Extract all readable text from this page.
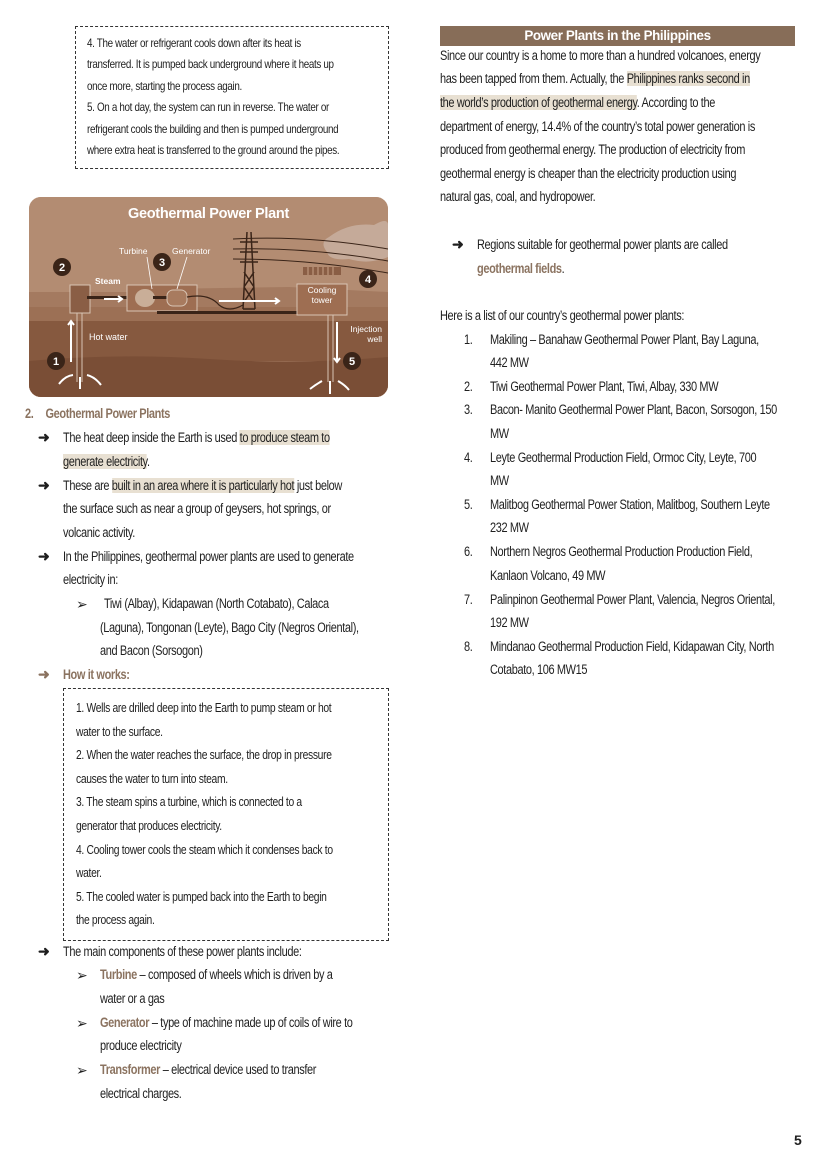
4. The water or refrigerant cools down after its heat is

transferred. It is pumped back underground where it heats up

once more, starting the process again.

5. On a hot day, the system can run in reverse. The water or

refrigerant cools the building and then is pumped underground

where extra heat is transferred to the ground around the pipes.

1
2	3
4
5
Geothermal Power Plant
Turbine	Generator
Steam
Hot water
Cooling
tower
Injection
well
2. Geothermal Power Plants
➜ The heat deep inside the Earth is used to produce steam to
generate electricity.
➜ These are built in an area where it is particularly hot just below
the surface such as near a group of geysers, hot springs, or
volcanic activity.
➜ In the Philippines, geothermal power plants are used to generate
electricity in:
➢ Tiwi (Albay), Kidapawan (North Cotabato), Calaca
(Laguna), Tongonan (Leyte), Bago City (Negros Oriental),
and Bacon (Sorsogon)
➜ How it works:

1. Wells are drilled deep into the Earth to pump steam or hot

water to the surface.

2. When the water reaches the surface, the drop in pressure

causes the water to turn into steam.

3. The steam spins a turbine, which is connected to a

generator that produces electricity.

4. Cooling tower cools the steam which it condenses back to

water.

5. The cooled water is pumped back into the Earth to begin

the process again.

➜ The main components of these power plants include:
➢ Turbine – composed of wheels which is driven by a
water or a gas
➢ Generator – type of machine made up of coils of wire to
produce electricity
➢ Transformer – electrical device used to transfer
electrical charges.
Power Plants in the Philippines
Since our country is a home to more than a hundred volcanoes, energy
has been tapped from them. Actually, the Philippines ranks second in
the world’s production of geothermal energy. According to the
department of energy, 14.4% of the country’s total power generation is
produced from geothermal energy. The production of electricity from
geothermal energy is cheaper than the electricity production using
natural gas, coal, and hydropower.
➜ Regions suitable for geothermal power plants are called
geothermal fields.
Here is a list of our country’s geothermal power plants:
1. Makiling – Banahaw Geothermal Power Plant, Bay Laguna,
442 MW
2. Tiwi Geothermal Power Plant, Tiwi, Albay, 330 MW
3. Bacon- Manito Geothermal Power Plant, Bacon, Sorsogon, 150
MW
4. Leyte Geothermal Production Field, Ormoc City, Leyte, 700
MW
5. Malitbog Geothermal Power Station, Malitbog, Southern Leyte
232 MW
6. Northern Negros Geothermal Production Production Field,
Kanlaon Volcano, 49 MW
7. Palinpinon Geothermal Power Plant, Valencia, Negros Oriental,
192 MW
8. Mindanao Geothermal Production Field, Kidapawan City, North
Cotabato, 106 MW15
5
